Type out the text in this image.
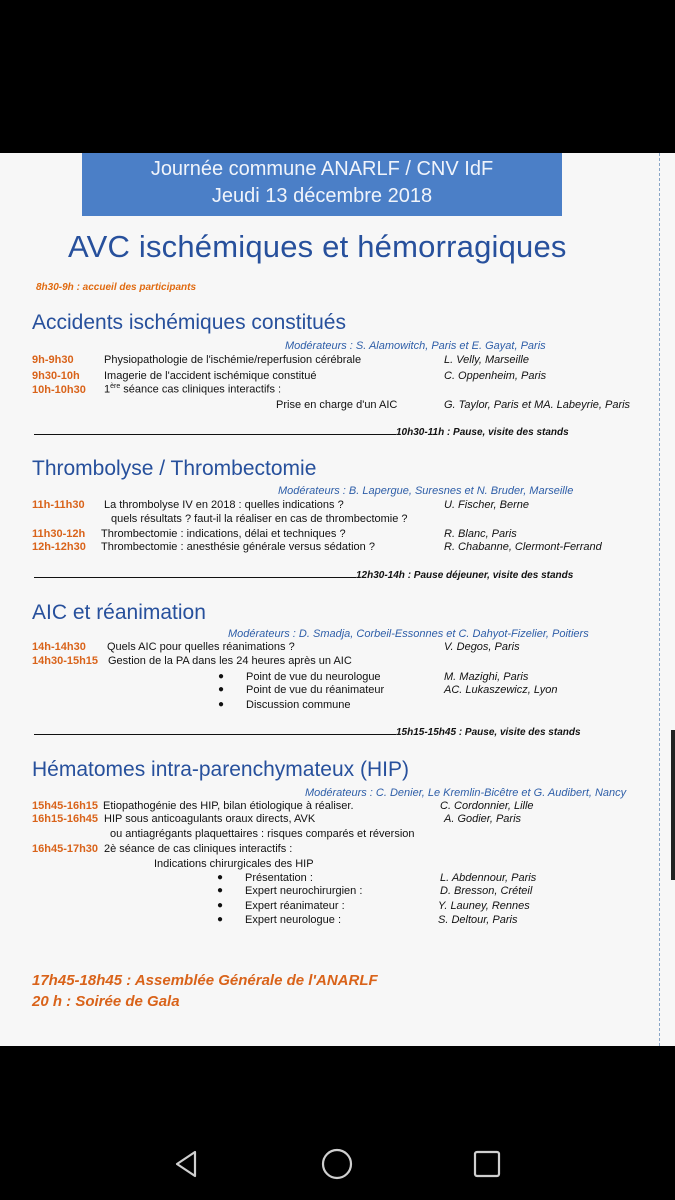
Journée commune ANARLF / CNV IdF
Jeudi 13 décembre 2018
AVC ischémiques et hémorragiques
8h30-9h : accueil des participants
Accidents ischémiques constitués
Modérateurs : S. Alamowitch, Paris et E. Gayat, Paris
9h-9h30	Physiopathologie de l'ischémie/reperfusion cérébrale	L. Velly, Marseille
9h30-10h Imagerie de l'accident ischémique constitué	C. Oppenheim, Paris
10h-10h30 1ère séance cas cliniques interactifs :
Prise en charge d'un AIC	G. Taylor, Paris et MA. Labeyrie, Paris
10h30-11h : Pause, visite des stands
Thrombolyse / Thrombectomie
Modérateurs : B. Lapergue, Suresnes et N. Bruder, Marseille
11h-11h30 La thrombolyse IV en 2018 : quelles indications ?	U. Fischer, Berne
quels résultats ? faut-il la réaliser en cas de thrombectomie ?
11h30-12h Thrombectomie : indications, délai et techniques ?	R. Blanc, Paris
12h-12h30 Thrombectomie : anesthésie générale versus sédation ?	R. Chabanne, Clermont-Ferrand
12h30-14h : Pause déjeuner, visite des stands
AIC et réanimation
Modérateurs : D. Smadja, Corbeil-Essonnes et C. Dahyot-Fizelier, Poitiers
14h-14h30 Quels AIC pour quelles réanimations ?	V. Degos, Paris
14h30-15h15 Gestion de la PA dans les 24 heures après un AIC
● Point de vue du neurologue	M. Mazighi, Paris
● Point de vue du réanimateur	AC. Lukaszewicz, Lyon
● Discussion commune
15h15-15h45 : Pause, visite des stands
Hématomes intra-parenchymateux (HIP)
Modérateurs : C. Denier, Le Kremlin-Bicêtre et G. Audibert, Nancy
15h45-16h15 Etiopathogénie des HIP, bilan étiologique à réaliser.	C. Cordonnier, Lille
16h15-16h45 HIP sous anticoagulants oraux directs, AVK	A. Godier, Paris
ou antiagrégants plaquettaires : risques comparés et réversion
16h45-17h30 2è séance de cas cliniques interactifs :
Indications chirurgicales des HIP
● Présentation :	L. Abdennour, Paris
● Expert neurochirurgien :	D. Bresson, Créteil
● Expert réanimateur :	Y. Launey, Rennes
● Expert neurologue :	S. Deltour, Paris
17h45-18h45 : Assemblée Générale de l'ANARLF
20 h : Soirée de Gala
